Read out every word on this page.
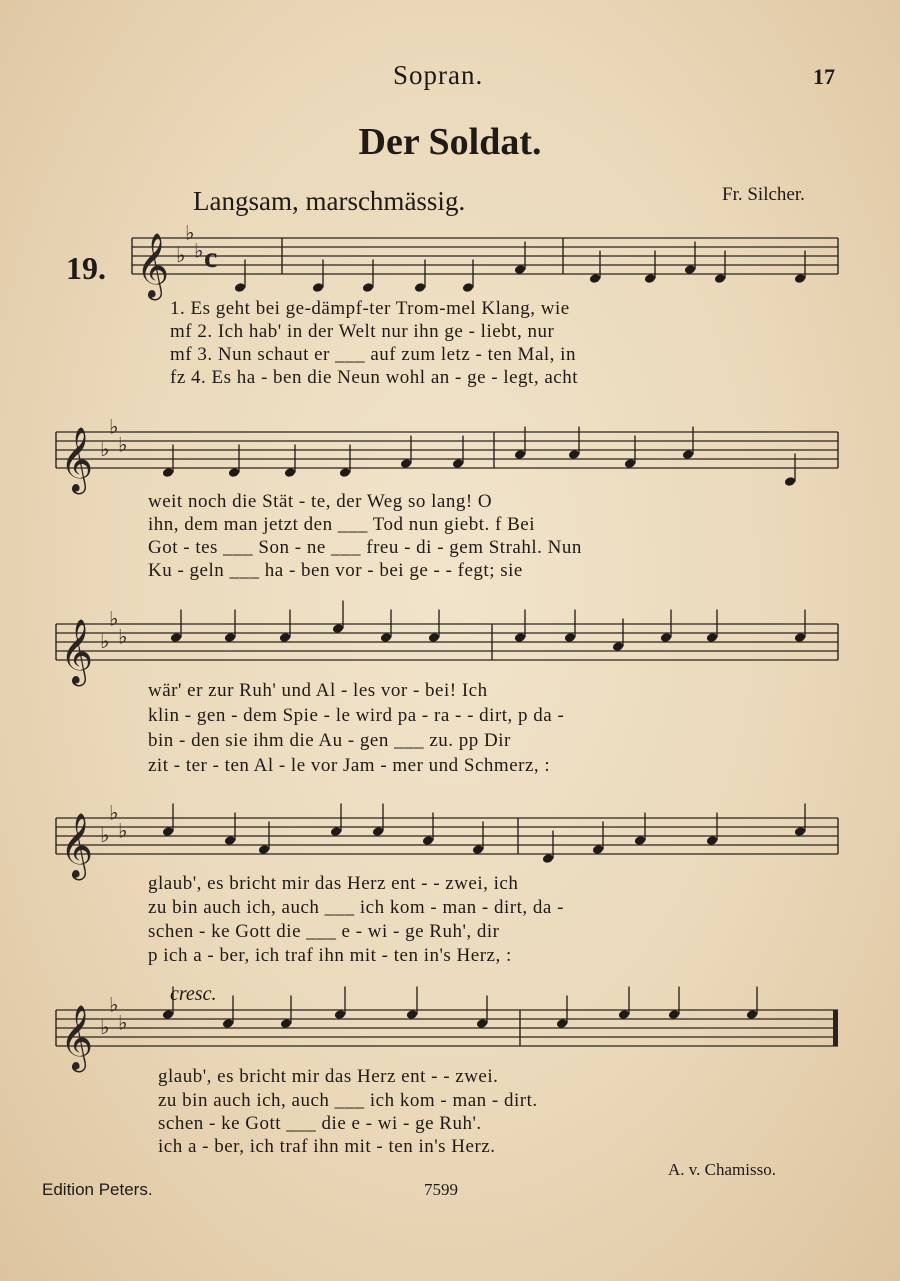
Sopran.	17
Der Soldat.
Langsam, marschmässig.	Fr. Silcher.
19. 𝄞 ♭
♭
♭ c
𝄞 ♭
♭
♭
𝄞 ♭
♭
♭
𝄞 ♭
♭
♭
𝄞 ♭
♭
♭
1. Es geht bei ge-dämpf-ter Trom-mel Klang, wie
mf 2. Ich hab' in der Welt nur ihn ge - liebt, nur
mf 3. Nun schaut er ___ auf zum letz - ten Mal, in
fz 4. Es ha - ben die Neun wohl an - ge - legt, acht
weit noch die Stät - te, der Weg so lang! O
ihn, dem man jetzt den ___ Tod nun giebt. f Bei
Got - tes ___ Son - ne ___ freu - di - gem Strahl. Nun
Ku - geln ___ ha - ben vor - bei ge - - fegt; sie
wär' er zur Ruh' und Al - les vor - bei! Ich
klin - gen - dem Spie - le wird pa - ra - - dirt, p da -
bin - den sie ihm die Au - gen ___ zu. pp Dir
zit - ter - ten Al - le vor Jam - mer und Schmerz, :
glaub', es bricht mir das Herz ent - - zwei, ich
zu bin auch ich, auch ___ ich kom - man - dirt, da -
schen - ke Gott die ___ e - wi - ge Ruh', dir
p ich a - ber, ich traf ihn mit - ten in's Herz, :
cresc.
glaub', es bricht mir das Herz ent - - zwei.
zu bin auch ich, auch ___ ich kom - man - dirt.
schen - ke Gott ___ die e - wi - ge Ruh'.
ich a - ber, ich traf ihn mit - ten in's Herz.
A. v. Chamisso.
Edition Peters.	7599
